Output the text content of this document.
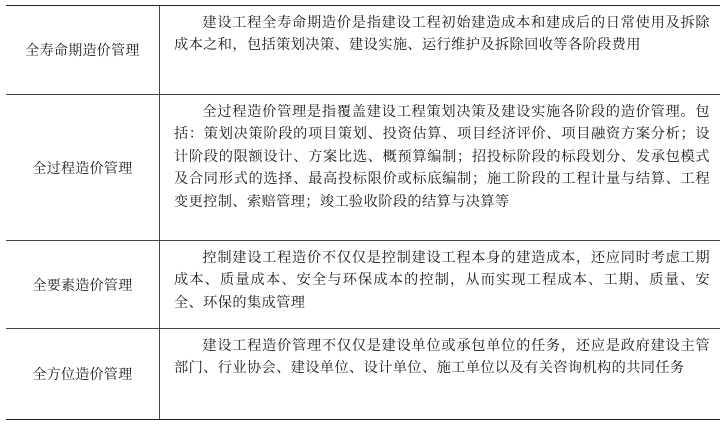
全寿命期造价管理
建设工程全寿命期造价是指建设工程初始建造成本和建成后的日常使用及拆除成本之和，包括策划决策、建设实施、运行维护及拆除回收等各阶段费用
全过程造价管理
全过程造价管理是指覆盖建设工程策划决策及建设实施各阶段的造价管理。包括：策划决策阶段的项目策划、投资估算、项目经济评价、项目融资方案分析；设计阶段的限额设计、方案比选、概预算编制；招投标阶段的标段划分、发承包模式及合同形式的选择、最高投标限价或标底编制；施工阶段的工程计量与结算、工程变更控制、索赔管理；竣工验收阶段的结算与决算等
全要素造价管理
控制建设工程造价不仅仅是控制建设工程本身的建造成本，还应同时考虑工期成本、质量成本、安全与环保成本的控制，从而实现工程成本、工期、质量、安全、环保的集成管理
全方位造价管理
建设工程造价管理不仅仅是建设单位或承包单位的任务，还应是政府建设主管部门、行业协会、建设单位、设计单位、施工单位以及有关咨询机构的共同任务
